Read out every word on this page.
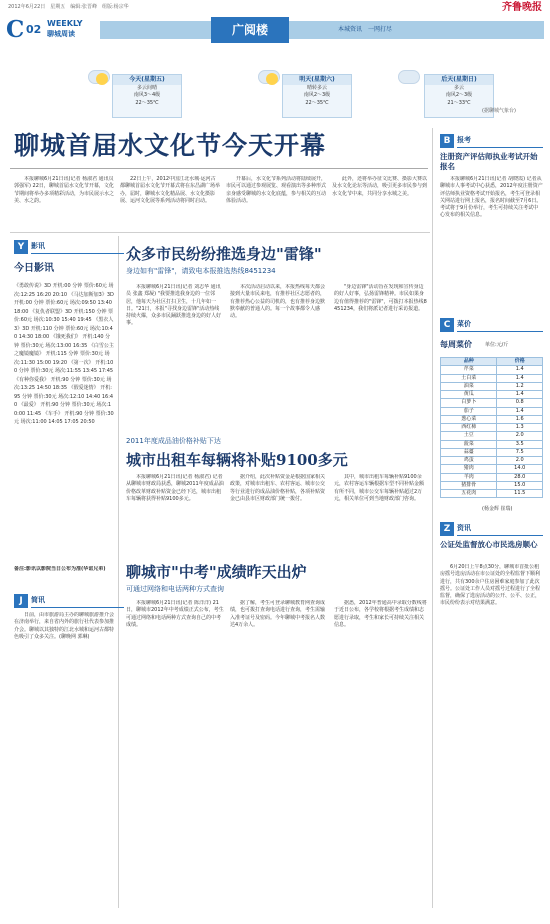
2012年6月22日　星期五　编辑:张晋峰　组版:杨宗华	齐鲁晚报
C 02 WEEKLY
聊城周读	广阅楼	本城资讯　一网打尽
今天(星期五)
多云间晴
南风3～4级
22～35℃
明天(星期六)
晴转多云
南风2～3级
22～35℃
后天(星期日)
多云
南风2～3级
21～33℃
(据聊城气象台)
聊城首届水文化节今天开幕

本报聊城6月21日讯(记者 杨淑君 通讯员 郭强军) 22日，聊城首届水文化节开幕，文化节期间将举办多项精彩活动，为市民展示水之美、水之韵。

22日上午，2012中国江北水城·运河古都聊城首届水文化节开幕式将在东昌湖广场举办，届时，聊城水文化精品展、水文化摄影展、运河文化展等系列活动将同时启动。

开幕后，水文化节系列活动将陆续展开，市民可以通过参观展览、观看演出等多种形式亲身感受聊城的水文化底蕴，参与相关的互动体验活动。

此外，还将举办征文比赛、摄影大赛以及水文化论坛等活动，吸引更多市民参与到水文化节中来，共同分享水城之美。

Y 影讯
今日影讯

《勇敢传说》3D 开机:00 分钟 票价:60元 场次:12:25 16:20 20:10 《马达加斯加3》3D 开机:00 分钟 票价:60元 场次:09:50 13:40 18:00 《复仇者联盟》3D 开机:150 分钟 票价:60元 场次:10:30 15:40 19:45 《黑衣人3》3D 开机:110 分钟 票价:60元 场次:10:40 14:30 18:00 《饿死我们》 开机:140 分钟 票价:30元 场次:13:00 16:35 《白雪公主之魔镜魔镜》 开机:115 分钟 票价:30元 场次:11:30 15:00 19:20 《第一次》 开机:100 分钟 票价:30元 场次:11:55 13:45 17:45 《有种你爱我》 开机:90 分钟 票价:30元 场次:13:25 14:50 18:35 《假爱迷情》 开机:95 分钟 票价:30元 场次:12:10 14:40 16:40 《最爱》 开机:90 分钟 票价:30元 场次:10:00 11:45 《车手》 开机:90 分钟 票价:30元 场次:11:00 14:05 17:05 20:50

备注:影讯以影院当日公布为准(华谊兄弟)
J	简讯

日前，由市旅游局主办的聊城旅游推介会在济南举行，来自省内外的旅行社代表参加推介会。聊城以其独特的江北水城和运河古都特色吸引了众多关注。(聊晚网 郭琳)

众多市民纷纷推选身边"雷锋"
身边如有"雷锋"，请致电本报推选热线8451234

本报聊城6月21日讯(记者 刘志华 通讯员 张鑫 郑凝) "我要推选我身边的一位邻居，他每天为社区打扫卫生，十几年如一日。"21日，本报"寻找身边雷锋"活动热线持续火爆，众多市民踊跃推选身边的好人好事。

本次活动启动以来，本报热线每天都会接到大量市民来电，有推荐社区志愿者的，有推荐热心公益的司机的，也有推荐身边默默奉献的普通人的。每一个故事都令人感动。

"身边雷锋"活动旨在发现和宣传身边的好人好事，弘扬雷锋精神。市民如果身边有值得推荐的"雷锋"，可拨打本报热线8451234，我们将派记者进行采访报道。

2011年度成品油价格补贴下达
城市出租车每辆将补贴9100多元

本报聊城6月21日讯(记者 杨淑君) 记者从聊城市财政局获悉，聊城2011年度成品油价格改革财政补贴资金已经下达，城市出租车每辆将获得补贴9100多元。

据介绍，此次补贴资金是根据国家相关政策，对城市出租车、农村客运、城市公交等行业进行的成品油价格补贴，各项补贴资金已由县市区财政部门统一拨付。

其中，城市出租车每辆补贴9100余元，农村客运车辆根据车型不同补贴金额有所不同，城市公交车每辆补贴超过2万元，相关单位可到当地财政部门咨询。

聊城市"中考"成绩昨天出炉
可通过网络和电话两种方式查询

本报聊城6月21日讯(记者 陈洋洋) 21日，聊城市2012年中考成绩正式公布，考生可通过网络和电话两种方式查询自己的中考成绩。

据了解，考生可登录聊城教育网查询成绩，也可拨打查询电话进行查询，考生需输入准考证号及密码。今年聊城中考报名人数达4万余人。

据悉，2012年普通高中录取分数线将于近日公布，各学校将根据考生成绩和志愿进行录取，考生和家长可持续关注相关信息。

B 报考
注册资产评估师执业考试开始报名

本报聊城6月21日讯(记者 胡晓霞) 记者从聊城市人事考试中心获悉，2012年度注册资产评估师执业资格考试开始报名，考生可登录相关网站进行网上报名，报名时间截至7月6日。考试将于9月份举行，考生可持续关注考试中心发布的相关信息。

C 菜价
每周菜价	单位:元/斤
品种	价格
芹菜	1.4
土白菜	1.4
油菜	1.2
黄瓜	1.4
白萝卜	0.8
茄子	1.4
葱心菜	1.6
西红柿	1.3
土豆	2.0
菠菜	3.5
蒜薹	7.5
鸡蛋	2.0
猪肉	14.0
羊肉	28.0
猪排骨	15.0
五花肉	11.5
(杨金辉 崔瑞)
Z 资讯
公证处监督放心市民选房顺心

6月20日上午8点30分，聊城市首批公租房摇号选房活动在市公证处的全程监督下顺利进行，共有300余户住房困难家庭参加了此次摇号。公证处工作人员对摇号过程进行了全程监督，确保了选房活动的公开、公平、公正，市民纷纷表示对结果满意。
